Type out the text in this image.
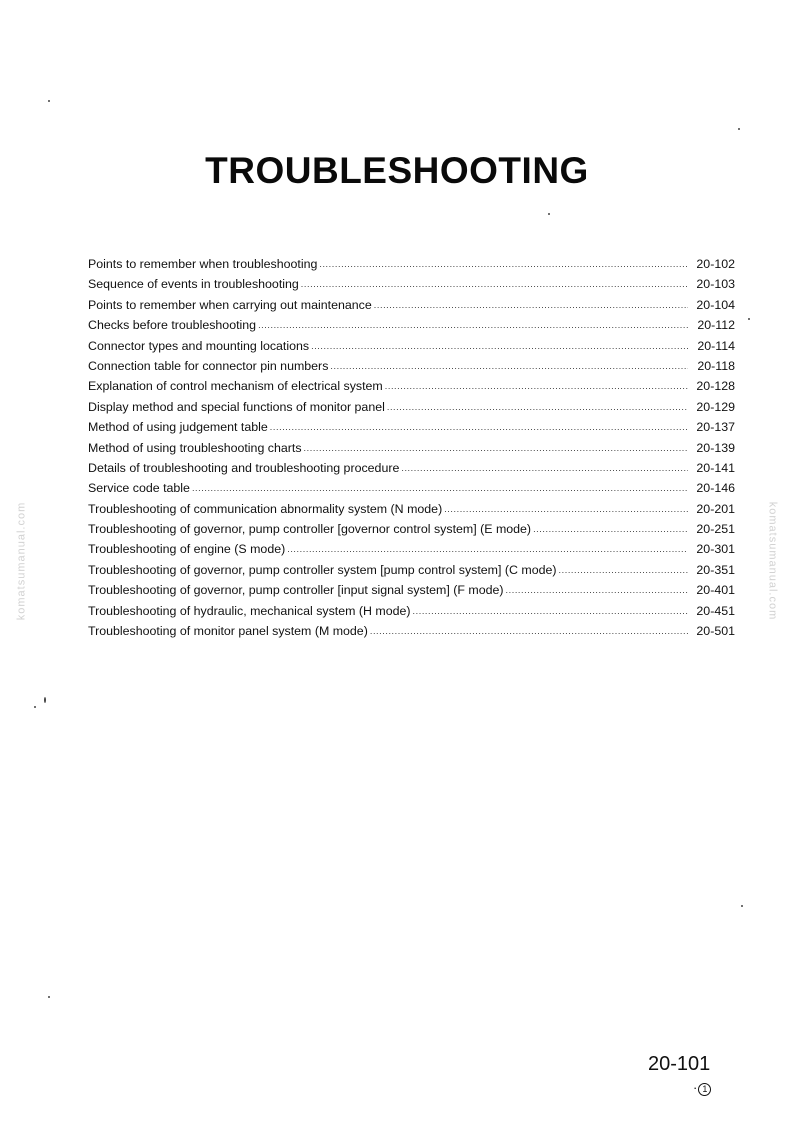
TROUBLESHOOTING
Points to remember when troubleshooting .....	20-102
Sequence of events in troubleshooting .....	20-103
Points to remember when carrying out maintenance .....	20-104
Checks before troubleshooting .....	20-112
Connector types and mounting locations .....	20-114
Connection table for connector pin numbers .....	20-118
Explanation of control mechanism of electrical system .....	20-128
Display method and special functions of monitor panel .....	20-129
Method of using judgement table .....	20-137
Method of using troubleshooting charts .....	20-139
Details of troubleshooting and troubleshooting procedure .....	20-141
Service code table .....	20-146
Troubleshooting of communication abnormality system (N mode) .....	20-201
Troubleshooting of governor, pump controller [governor control system] (E mode) .....	20-251
Troubleshooting of engine (S mode) .....	20-301
Troubleshooting of governor, pump controller system [pump control system] (C mode) .....	20-351
Troubleshooting of governor, pump controller [input signal system] (F mode) .....	20-401
Troubleshooting of hydraulic, mechanical system (H mode) .....	20-451
Troubleshooting of monitor panel system (M mode) .....	20-501
komatsumanual.com	komatsumanual.com
20-101
· 1
